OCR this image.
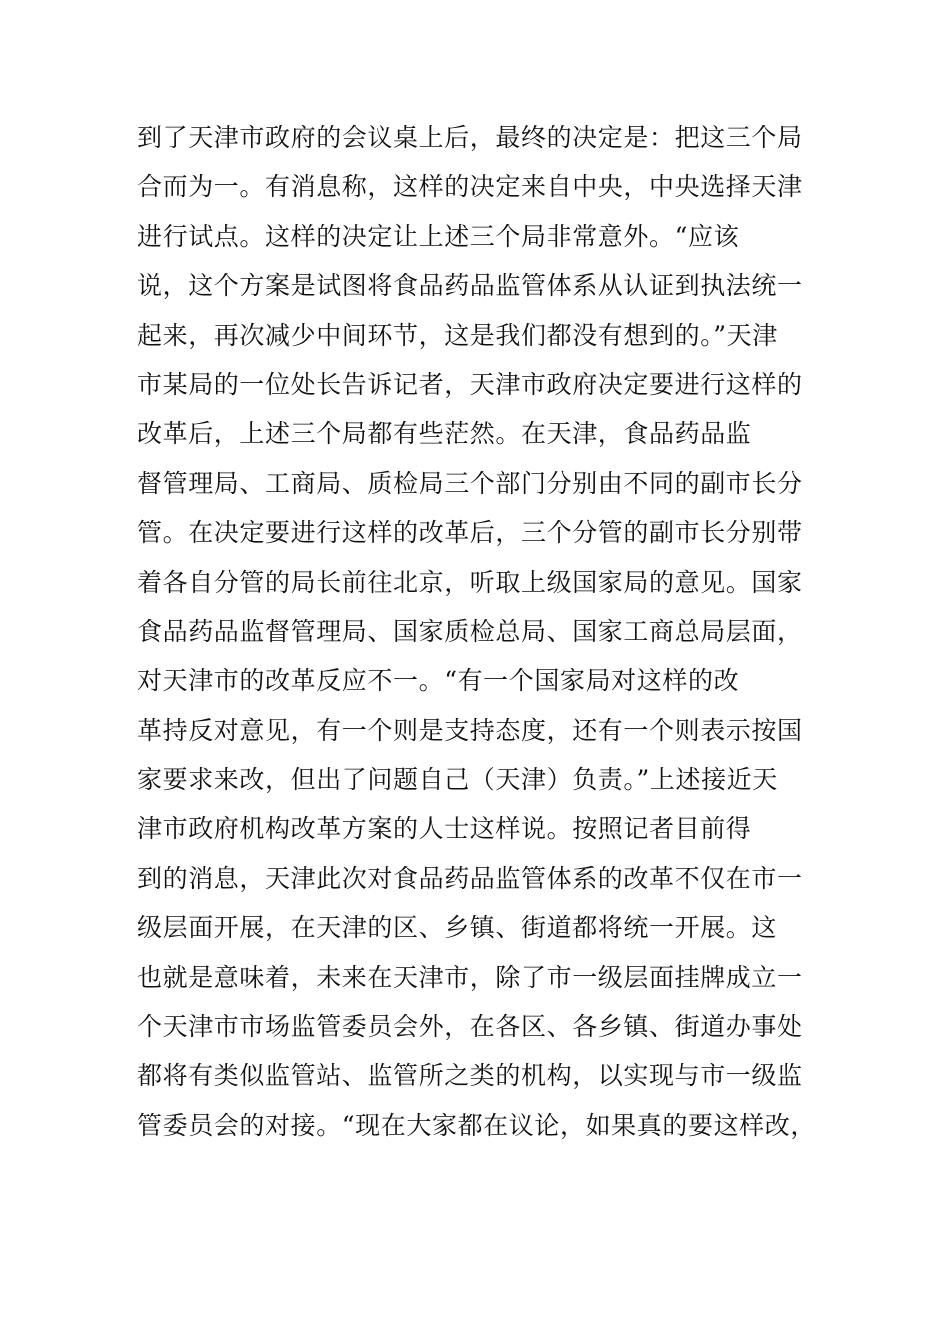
到了天津市政府的会议桌上后，最终的决定是：把这三个局
合而为一。有消息称，这样的决定来自中央，中央选择天津
进行试点。这样的决定让上述三个局非常意外。“应该
说，这个方案是试图将食品药品监管体系从认证到执法统一
起来，再次减少中间环节，这是我们都没有想到的。”天津
市某局的一位处长告诉记者，天津市政府决定要进行这样的
改革后，上述三个局都有些茫然。在天津，食品药品监
督管理局、工商局、质检局三个部门分别由不同的副市长分
管。在决定要进行这样的改革后，三个分管的副市长分别带
着各自分管的局长前往北京，听取上级国家局的意见。国家
食品药品监督管理局、国家质检总局、国家工商总局层面，
对天津市的改革反应不一。“有一个国家局对这样的改
革持反对意见，有一个则是支持态度，还有一个则表示按国
家要求来改，但出了问题自己（天津）负责。”上述接近天
津市政府机构改革方案的人士这样说。按照记者目前得
到的消息，天津此次对食品药品监管体系的改革不仅在市一
级层面开展，在天津的区、乡镇、街道都将统一开展。这
也就是意味着，未来在天津市，除了市一级层面挂牌成立一
个天津市市场监管委员会外，在各区、各乡镇、街道办事处
都将有类似监管站、监管所之类的机构，以实现与市一级监
管委员会的对接。“现在大家都在议论，如果真的要这样改，
